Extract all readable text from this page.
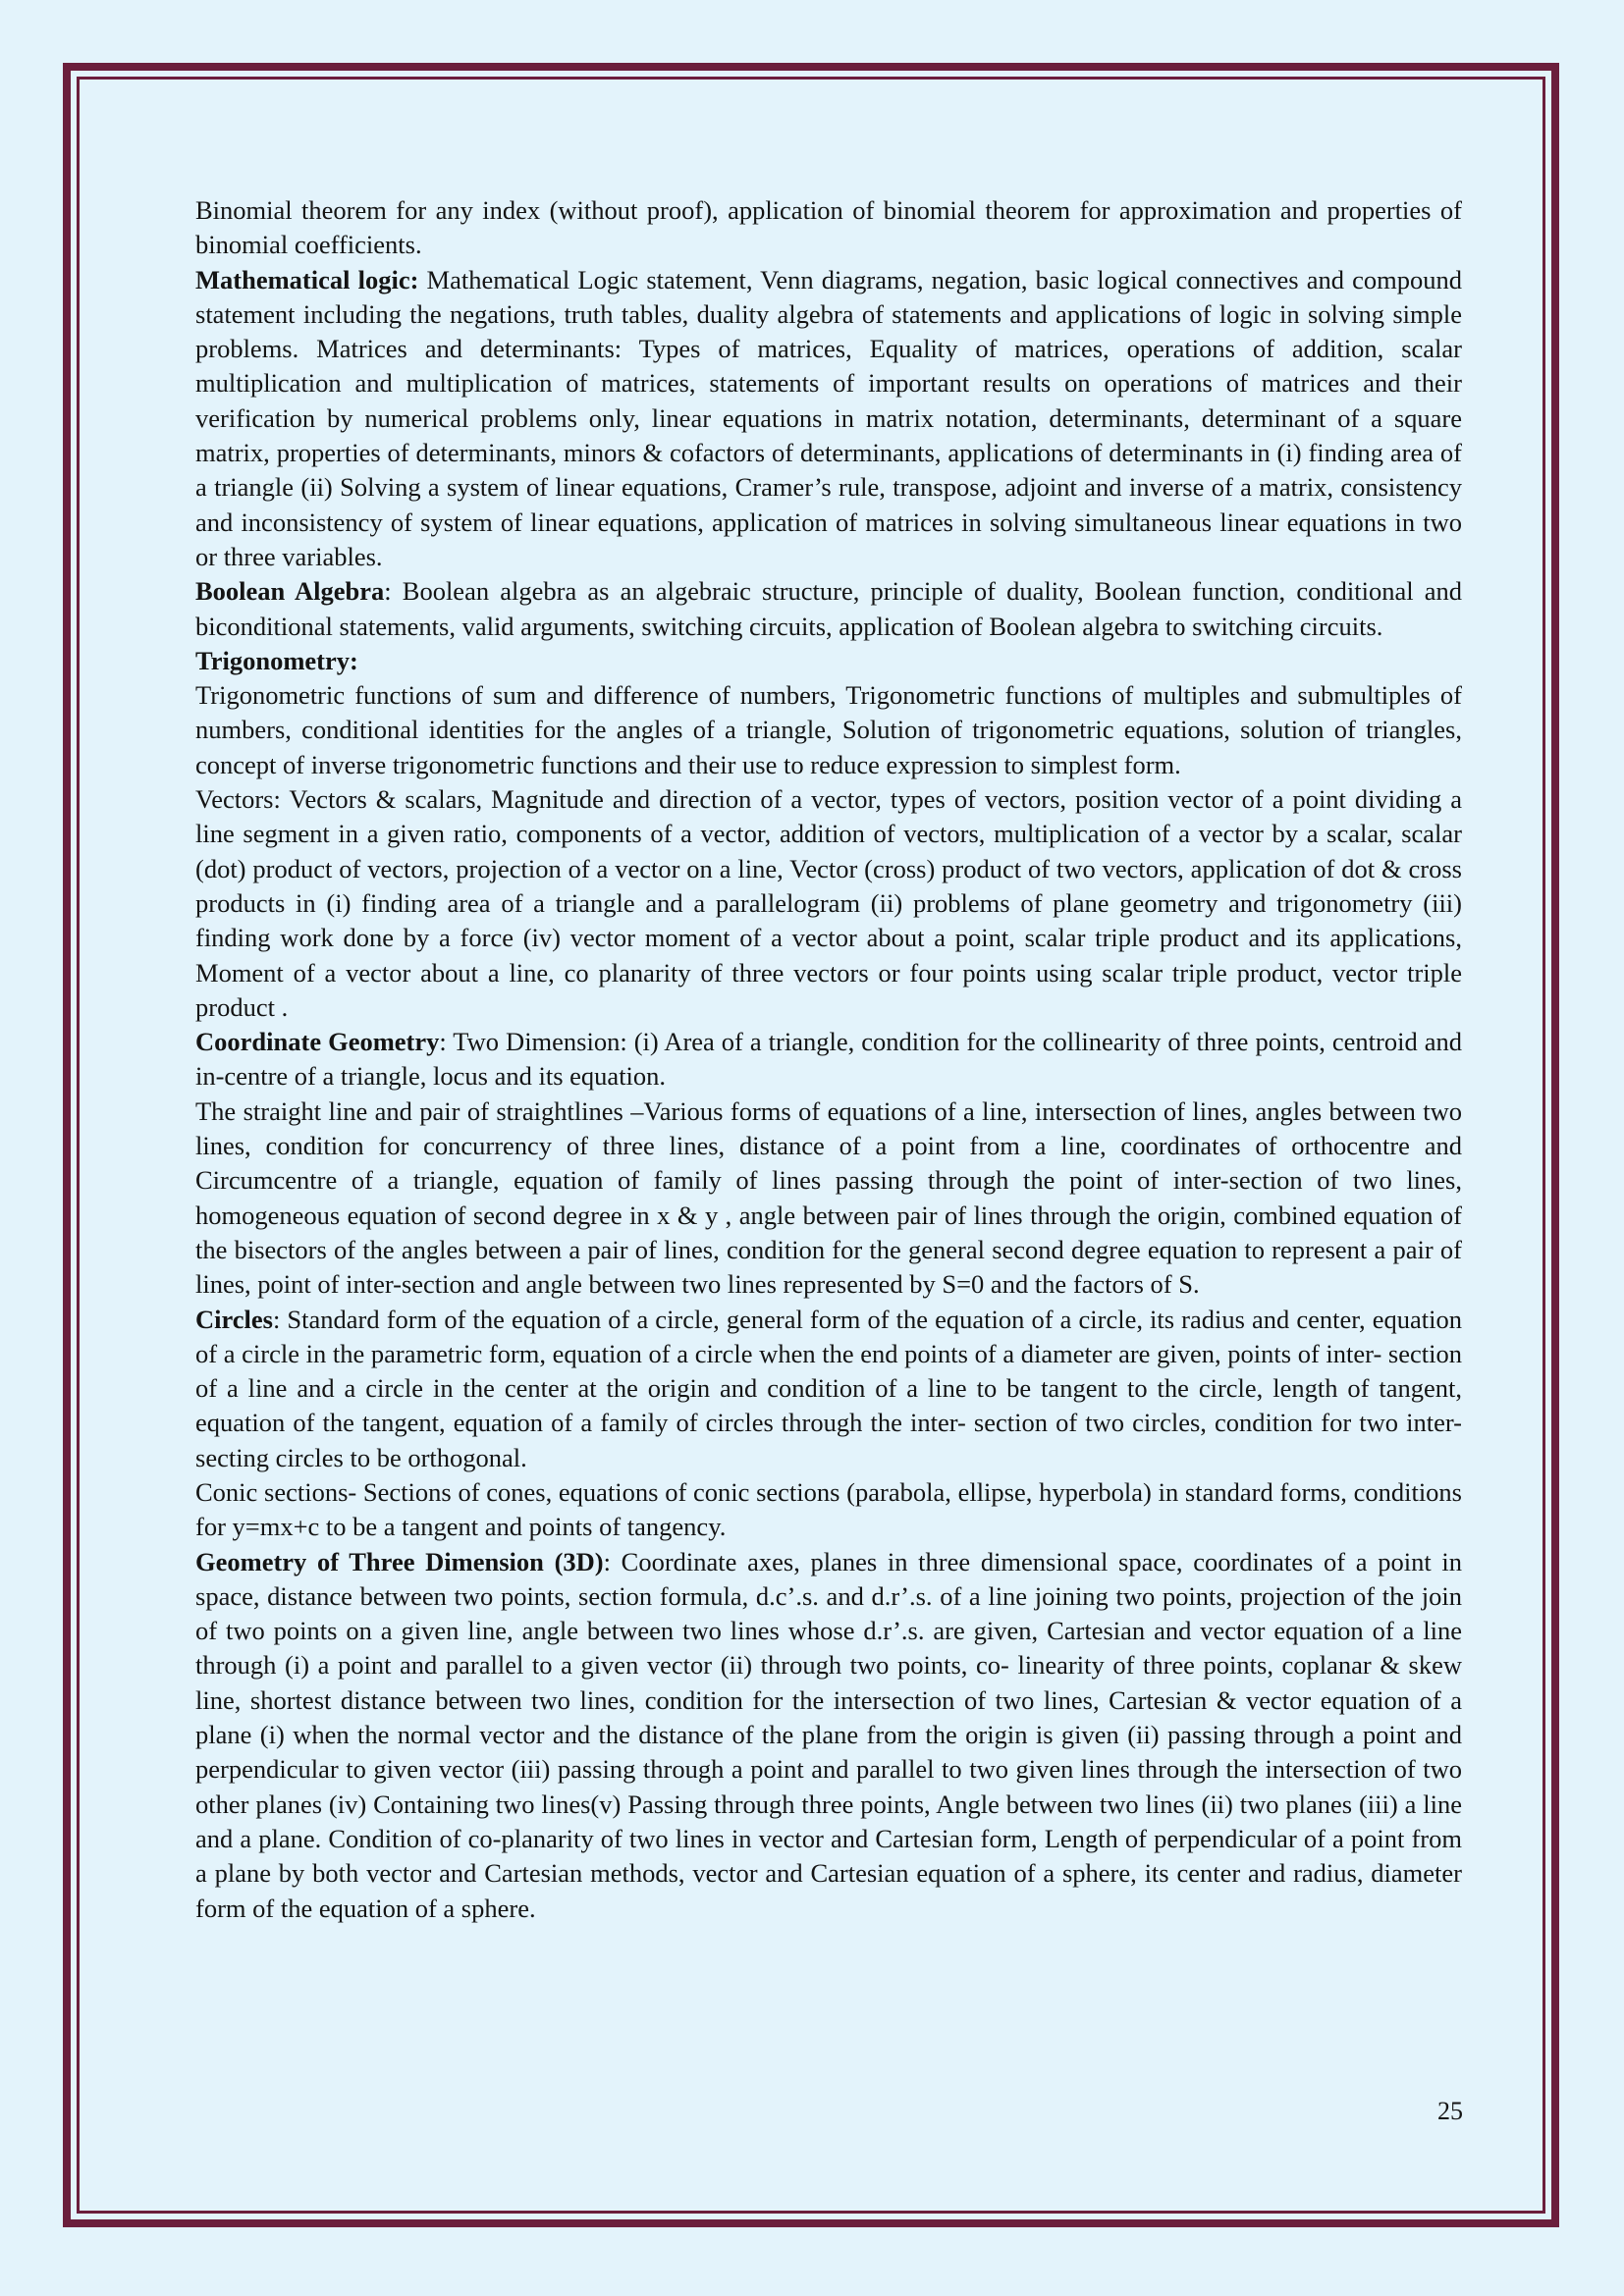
Binomial theorem for any index (without proof), application of binomial theorem for approximation and properties of binomial coefficients.

Mathematical logic: Mathematical Logic statement, Venn diagrams, negation, basic logical connectives and compound statement including the negations, truth tables, duality algebra of statements and applications of logic in solving simple problems. Matrices and determinants: Types of matrices, Equality of matrices, operations of addition, scalar multiplication and multiplication of matrices, statements of important results on operations of matrices and their verification by numerical problems only, linear equations in matrix notation, determinants, determinant of a square matrix, properties of determinants, minors & cofactors of determinants, applications of determinants in (i) finding area of a triangle (ii) Solving a system of linear equations, Cramer’s rule, transpose, adjoint and inverse of a matrix, consistency and inconsistency of system of linear equations, application of matrices in solving simultaneous linear equations in two or three variables.

Boolean Algebra: Boolean algebra as an algebraic structure, principle of duality, Boolean function, conditional and biconditional statements, valid arguments, switching circuits, application of Boolean algebra to switching circuits.

Trigonometry:

Trigonometric functions of sum and difference of numbers, Trigonometric functions of multiples and submultiples of numbers, conditional identities for the angles of a triangle, Solution of trigonometric equations, solution of triangles, concept of inverse trigonometric functions and their use to reduce expression to simplest form.

Vectors: Vectors & scalars, Magnitude and direction of a vector, types of vectors, position vector of a point dividing a line segment in a given ratio, components of a vector, addition of vectors, multiplication of a vector by a scalar, scalar (dot) product of vectors, projection of a vector on a line, Vector (cross) product of two vectors, application of dot & cross products in (i) finding area of a triangle and a parallelogram (ii) problems of plane geometry and trigonometry (iii) finding work done by a force (iv) vector moment of a vector about a point, scalar triple product and its applications, Moment of a vector about a line, co planarity of three vectors or four points using scalar triple product, vector triple product .

Coordinate Geometry: Two Dimension: (i) Area of a triangle, condition for the collinearity of three points, centroid and in-centre of a triangle, locus and its equation.

The straight line and pair of straightlines –Various forms of equations of a line, intersection of lines, angles between two lines, condition for concurrency of three lines, distance of a point from a line, coordinates of orthocentre and Circumcentre of a triangle, equation of family of lines passing through the point of inter-section of two lines, homogeneous equation of second degree in x & y , angle between pair of lines through the origin, combined equation of the bisectors of the angles between a pair of lines, condition for the general second degree equation to represent a pair of lines, point of inter-section and angle between two lines represented by S=0 and the factors of S.

Circles: Standard form of the equation of a circle, general form of the equation of a circle, its radius and center, equation of a circle in the parametric form, equation of a circle when the end points of a diameter are given, points of inter- section of a line and a circle in the center at the origin and condition of a line to be tangent to the circle, length of tangent, equation of the tangent, equation of a family of circles through the inter- section of two circles, condition for two inter- secting circles to be orthogonal.

Conic sections- Sections of cones, equations of conic sections (parabola, ellipse, hyperbola) in standard forms, conditions for y=mx+c to be a tangent and points of tangency.

Geometry of Three Dimension (3D): Coordinate axes, planes in three dimensional space, coordinates of a point in space, distance between two points, section formula, d.c’.s. and d.r’.s. of a line joining two points, projection of the join of two points on a given line, angle between two lines whose d.r’.s. are given, Cartesian and vector equation of a line through (i) a point and parallel to a given vector (ii) through two points, co- linearity of three points, coplanar & skew line, shortest distance between two lines, condition for the intersection of two lines, Cartesian & vector equation of a plane (i) when the normal vector and the distance of the plane from the origin is given (ii) passing through a point and perpendicular to given vector (iii) passing through a point and parallel to two given lines through the intersection of two other planes (iv) Containing two lines(v) Passing through three points, Angle between two lines (ii) two planes (iii) a line and a plane. Condition of co-planarity of two lines in vector and Cartesian form, Length of perpendicular of a point from a plane by both vector and Cartesian methods, vector and Cartesian equation of a sphere, its center and radius, diameter form of the equation of a sphere.

25
